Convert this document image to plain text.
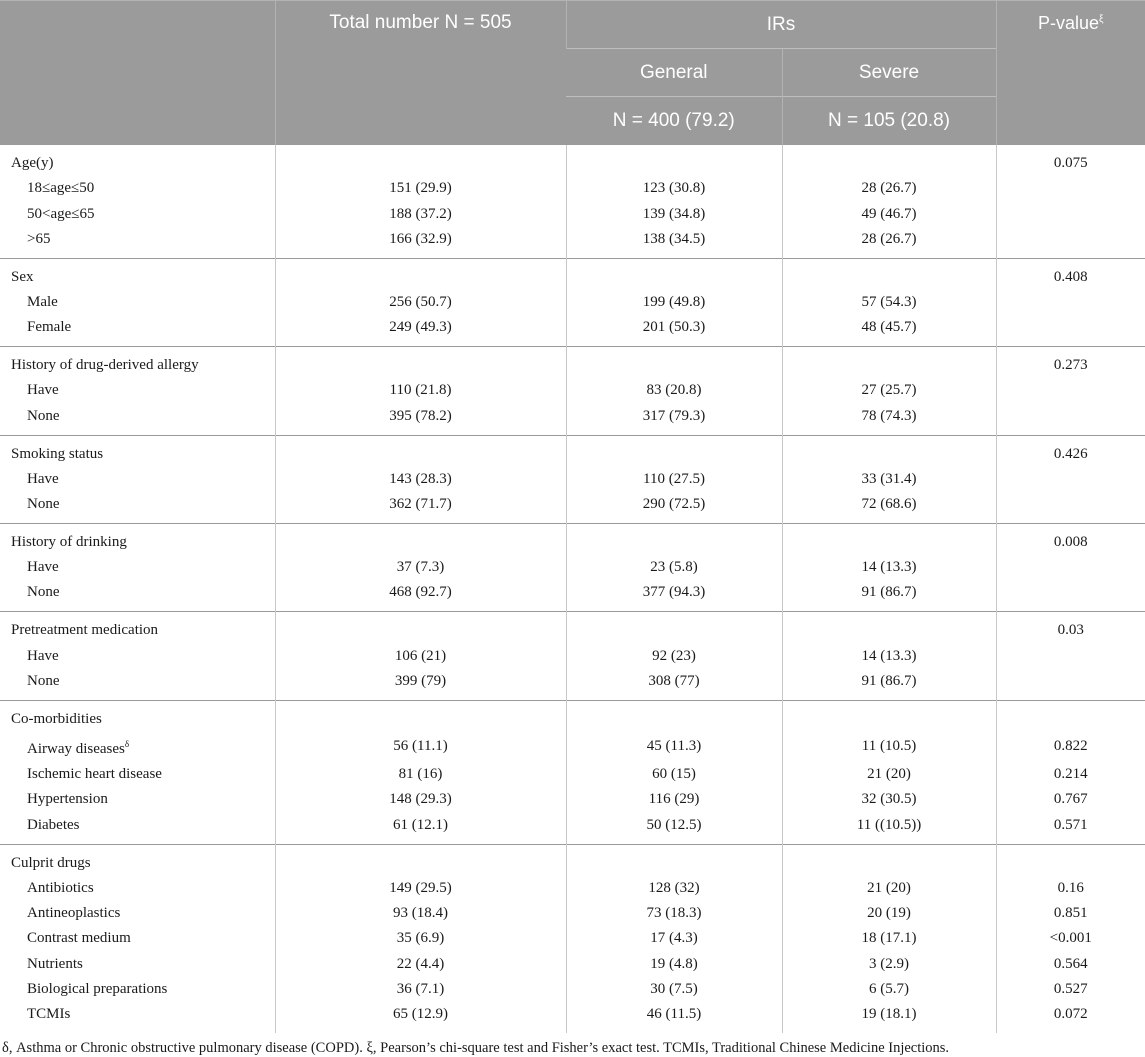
	Total number N = 505	IRs		P-value$^\xi$
		General	Severe	
		N = 400 (79.2)	N = 105 (20.8)	
Age(y)				0.075
18≤age≤50	151 (29.9)	123 (30.8)	28 (26.7)	
50<age≤65	188 (37.2)	139 (34.8)	49 (46.7)	
>65	166 (32.9)	138 (34.5)	28 (26.7)	
Sex				0.408
Male	256 (50.7)	199 (49.8)	57 (54.3)	
Female	249 (49.3)	201 (50.3)	48 (45.7)	
History of drug-derived allergy				0.273
Have	110 (21.8)	83 (20.8)	27 (25.7)	
None	395 (78.2)	317 (79.3)	78 (74.3)	
Smoking status				0.426
Have	143 (28.3)	110 (27.5)	33 (31.4)	
None	362 (71.7)	290 (72.5)	72 (68.6)	
History of drinking				0.008
Have	37 (7.3)	23 (5.8)	14 (13.3)	
None	468 (92.7)	377 (94.3)	91 (86.7)	
Pretreatment medication				0.03
Have	106 (21)	92 (23)	14 (13.3)	
None	399 (79)	308 (77)	91 (86.7)	
Co-morbidities				
Airway diseases$^\delta$	56 (11.1)	45 (11.3)	11 (10.5)	0.822
Ischemic heart disease	81 (16)	60 (15)	21 (20)	0.214
Hypertension	148 (29.3)	116 (29)	32 (30.5)	0.767
Diabetes	61 (12.1)	50 (12.5)	11 ((10.5))	0.571
Culprit drugs				
Antibiotics	149 (29.5)	128 (32)	21 (20)	0.16
Antineoplastics	93 (18.4)	73 (18.3)	20 (19)	0.851
Contrast medium	35 (6.9)	17 (4.3)	18 (17.1)	<0.001
Nutrients	22 (4.4)	19 (4.8)	3 (2.9)	0.564
Biological preparations	36 (7.1)	30 (7.5)	6 (5.7)	0.527
TCMIs	65 (12.9)	46 (11.5)	19 (18.1)	0.072
δ, Asthma or Chronic obstructive pulmonary disease (COPD). ξ, Pearson’s chi-square test and Fisher’s exact test. TCMIs, Traditional Chinese Medicine Injections.
